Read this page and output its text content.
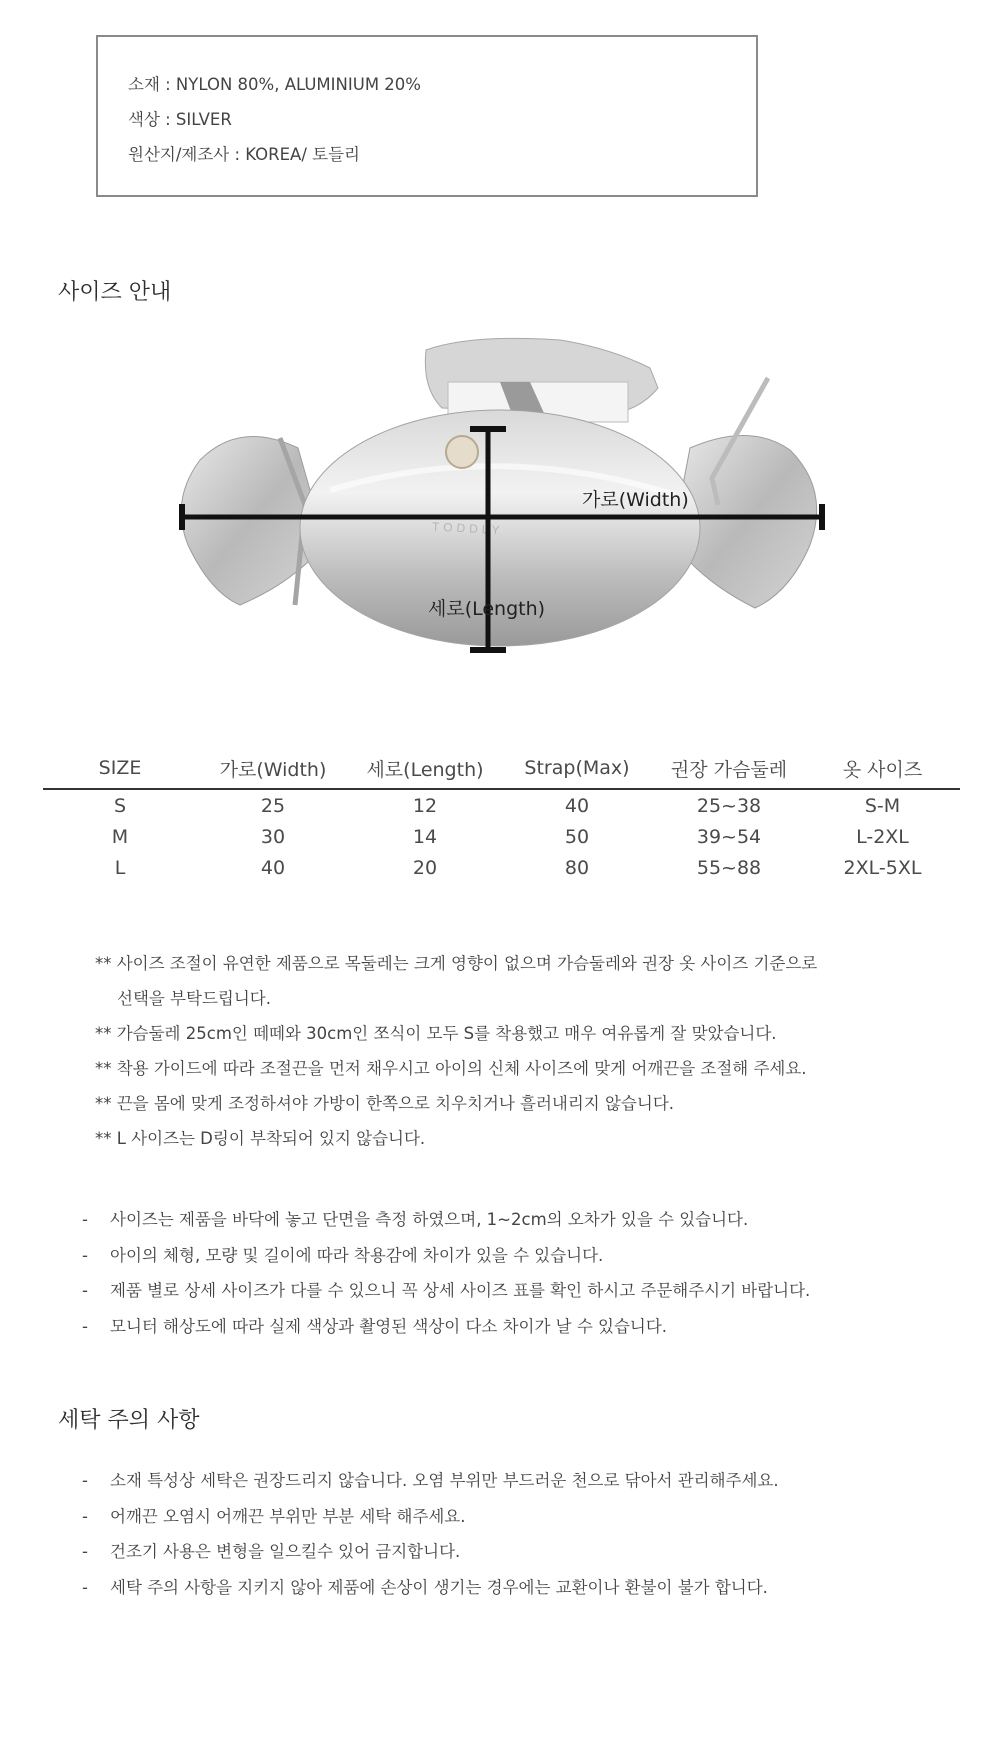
소재 : NYLON 80%, ALUMINIUM 20%
색상 : SILVER
원산지/제조사 : KOREA/ 토들리
사이즈 안내
TODDLY
가로(Width)
세로(Length)
SIZE	가로(Width)	세로(Length)	Strap(Max)	권장 가슴둘레	옷 사이즈
S	25	12	40	25~38	S-M
M	30	14	50	39~54	L-2XL
L	40	20	80	55~88	2XL-5XL
** 사이즈 조절이 유연한 제품으로 목둘레는 크게 영향이 없으며 가슴둘레와 권장 옷 사이즈 기준으로
선택을 부탁드립니다.
** 가슴둘레 25cm인 떼떼와 30cm인 쪼식이 모두 S를 착용했고 매우 여유롭게 잘 맞았습니다.
** 착용 가이드에 따라 조절끈을 먼저 채우시고 아이의 신체 사이즈에 맞게 어깨끈을 조절해 주세요.
** 끈을 몸에 맞게 조정하셔야 가방이 한쪽으로 치우치거나 흘러내리지 않습니다.
** L 사이즈는 D링이 부착되어 있지 않습니다.
- 사이즈는 제품을 바닥에 놓고 단면을 측정 하였으며, 1~2cm의 오차가 있을 수 있습니다.
- 아이의 체형, 모량 및 길이에 따라 착용감에 차이가 있을 수 있습니다.
- 제품 별로 상세 사이즈가 다를 수 있으니 꼭 상세 사이즈 표를 확인 하시고 주문해주시기 바랍니다.
- 모니터 해상도에 따라 실제 색상과 촬영된 색상이 다소 차이가 날 수 있습니다.
세탁 주의 사항
- 소재 특성상 세탁은 권장드리지 않습니다. 오염 부위만 부드러운 천으로 닦아서 관리해주세요.
- 어깨끈 오염시 어깨끈 부위만 부분 세탁 해주세요.
- 건조기 사용은 변형을 일으킬수 있어 금지합니다.
- 세탁 주의 사항을 지키지 않아 제품에 손상이 생기는 경우에는 교환이나 환불이 불가 합니다.
